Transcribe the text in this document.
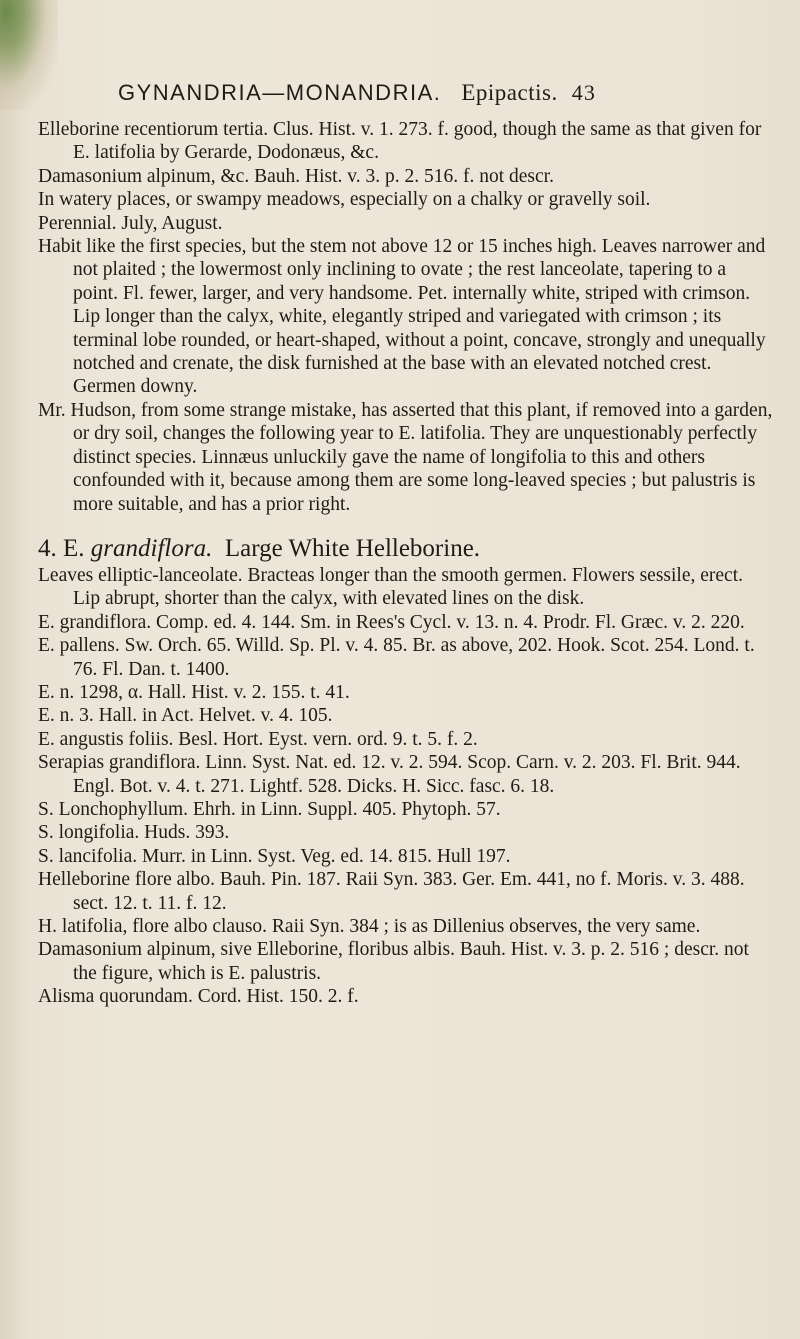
GYNANDRIA—MONANDRIA. Epipactis. 43

Elleborine recentiorum tertia. Clus. Hist. v. 1. 273. f. good, though the same as that given for E. latifolia by Gerarde, Dodonæus, &c.

Damasonium alpinum, &c. Bauh. Hist. v. 3. p. 2. 516. f. not descr.

In watery places, or swampy meadows, especially on a chalky or gravelly soil.

Perennial. July, August.

Habit like the first species, but the stem not above 12 or 15 inches high. Leaves narrower and not plaited ; the lowermost only inclining to ovate ; the rest lanceolate, tapering to a point. Fl. fewer, larger, and very handsome. Pet. internally white, striped with crimson. Lip longer than the calyx, white, elegantly striped and variegated with crimson ; its terminal lobe rounded, or heart-shaped, without a point, concave, strongly and unequally notched and crenate, the disk furnished at the base with an elevated notched crest. Germen downy.

Mr. Hudson, from some strange mistake, has asserted that this plant, if removed into a garden, or dry soil, changes the following year to E. latifolia. They are unquestionably perfectly distinct species. Linnæus unluckily gave the name of longifolia to this and others confounded with it, because among them are some long-leaved species ; but palustris is more suitable, and has a prior right.

4. E. grandiflora. Large White Helleborine.

Leaves elliptic-lanceolate. Bracteas longer than the smooth germen. Flowers sessile, erect. Lip abrupt, shorter than the calyx, with elevated lines on the disk.

E. grandiflora. Comp. ed. 4. 144. Sm. in Rees's Cycl. v. 13. n. 4. Prodr. Fl. Græc. v. 2. 220.

E. pallens. Sw. Orch. 65. Willd. Sp. Pl. v. 4. 85. Br. as above, 202. Hook. Scot. 254. Lond. t. 76. Fl. Dan. t. 1400.

E. n. 1298, α. Hall. Hist. v. 2. 155. t. 41.

E. n. 3. Hall. in Act. Helvet. v. 4. 105.

E. angustis foliis. Besl. Hort. Eyst. vern. ord. 9. t. 5. f. 2.

Serapias grandiflora. Linn. Syst. Nat. ed. 12. v. 2. 594. Scop. Carn. v. 2. 203. Fl. Brit. 944. Engl. Bot. v. 4. t. 271. Lightf. 528. Dicks. H. Sicc. fasc. 6. 18.

S. Lonchophyllum. Ehrh. in Linn. Suppl. 405. Phytoph. 57.

S. longifolia. Huds. 393.

S. lancifolia. Murr. in Linn. Syst. Veg. ed. 14. 815. Hull 197.

Helleborine flore albo. Bauh. Pin. 187. Raii Syn. 383. Ger. Em. 441, no f. Moris. v. 3. 488. sect. 12. t. 11. f. 12.

H. latifolia, flore albo clauso. Raii Syn. 384 ; is as Dillenius observes, the very same.

Damasonium alpinum, sive Elleborine, floribus albis. Bauh. Hist. v. 3. p. 2. 516 ; descr. not the figure, which is E. palustris.

Alisma quorundam. Cord. Hist. 150. 2. f.
